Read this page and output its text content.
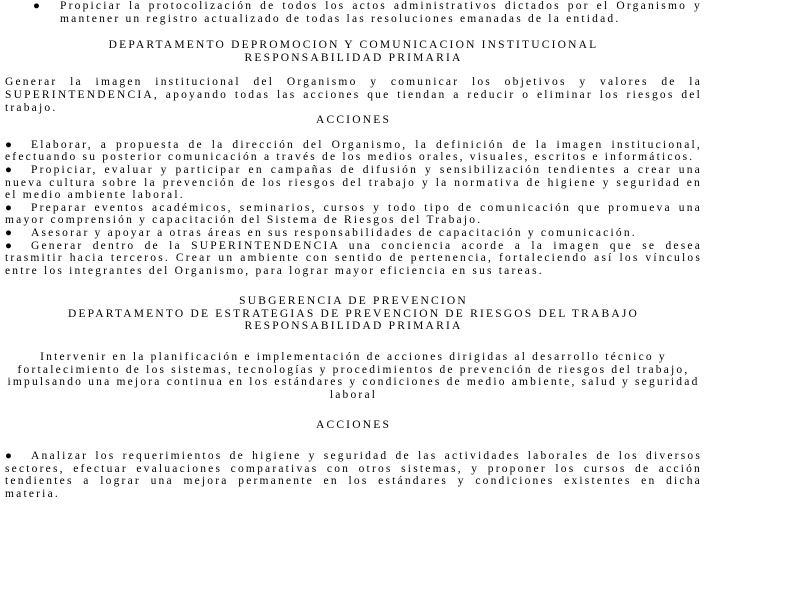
● Propiciar la protocolización de todos los actos administrativos dictados por el Organismo y mantener un registro actualizado de todas las resoluciones emanadas de la entidad.

DEPARTAMENTO DEPROMOCION Y COMUNICACION INSTITUCIONAL

RESPONSABILIDAD PRIMARIA

Generar la imagen institucional del Organismo y comunicar los objetivos y valores de la SUPERINTENDENCIA, apoyando todas las acciones que tiendan a reducir o eliminar los riesgos del trabajo.

ACCIONES

● Elaborar, a propuesta de la dirección del Organismo, la definición de la imagen institucional, efectuando su posterior comunicación a través de los medios orales, visuales, escritos e informáticos.

● Propiciar, evaluar y participar en campañas de difusión y sensibilización tendientes a crear una nueva cultura sobre la prevención de los riesgos del trabajo y la normativa de higiene y seguridad en el medio ambiente laboral.

● Preparar eventos académicos, seminarios, cursos y todo tipo de comunicación que promueva una mayor comprensión y capacitación del Sistema de Riesgos del Trabajo.

● Asesorar y apoyar a otras áreas en sus responsabilidades de capacitación y comunicación.

● Generar dentro de la SUPERINTENDENCIA una conciencia acorde a la imagen que se desea trasmitir hacia terceros. Crear un ambiente con sentido de pertenencia, fortaleciendo así los vínculos entre los integrantes del Organismo, para lograr mayor eficiencia en sus tareas.

SUBGERENCIA DE PREVENCION

DEPARTAMENTO DE ESTRATEGIAS DE PREVENCION DE RIESGOS DEL TRABAJO

RESPONSABILIDAD PRIMARIA

Intervenir en la planificación e implementación de acciones dirigidas al desarrollo técnico y fortalecimiento de los sistemas, tecnologías y procedimientos de prevención de riesgos del trabajo, impulsando una mejora continua en los estándares y condiciones de medio ambiente, salud y seguridad laboral

ACCIONES

● Analizar los requerimientos de higiene y seguridad de las actividades laborales de los diversos sectores, efectuar evaluaciones comparativas con otros sistemas, y proponer los cursos de acción tendientes a lograr una mejora permanente en los estándares y condiciones existentes en dicha materia.
